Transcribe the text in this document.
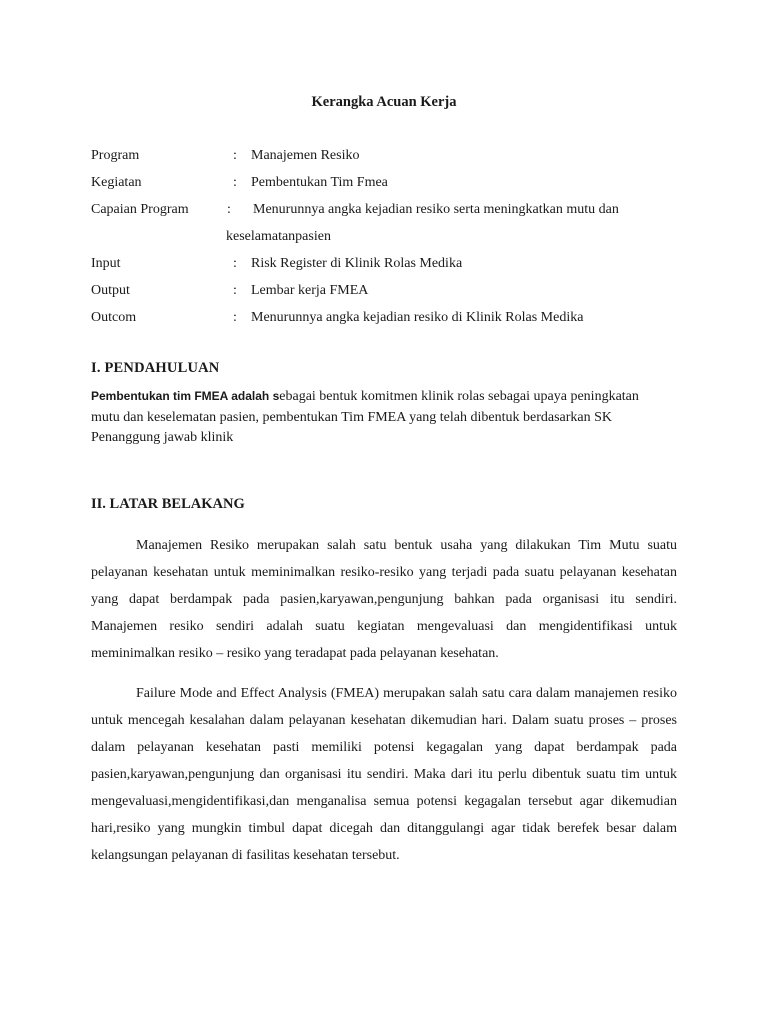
Kerangka Acuan Kerja
Program	: Manajemen Resiko
Kegiatan	: Pembentukan Tim Fmea
Capaian Program	: Menurunnya angka kejadian resiko serta meningkatkan mutu dan
keselamatanpasien
Input	: Risk Register di Klinik Rolas Medika
Output	: Lembar kerja FMEA
Outcom	: Menurunnya angka kejadian resiko di Klinik Rolas Medika
I. PENDAHULUAN
Pembentukan tim FMEA adalah sebagai bentuk komitmen klinik rolas sebagai upaya peningkatan mutu dan keselematan pasien, pembentukan Tim FMEA yang telah dibentuk berdasarkan SK Penanggung jawab klinik
II. LATAR BELAKANG
Manajemen Resiko merupakan salah satu bentuk usaha yang dilakukan Tim Mutu suatu pelayanan kesehatan untuk meminimalkan resiko-resiko yang terjadi pada suatu pelayanan kesehatan yang dapat berdampak pada pasien,karyawan,pengunjung bahkan pada organisasi itu sendiri. Manajemen resiko sendiri adalah suatu kegiatan mengevaluasi dan mengidentifikasi untuk meminimalkan resiko – resiko yang teradapat pada pelayanan kesehatan.
Failure Mode and Effect Analysis (FMEA) merupakan salah satu cara dalam manajemen resiko untuk mencegah kesalahan dalam pelayanan kesehatan dikemudian hari. Dalam suatu proses – proses dalam pelayanan kesehatan pasti memiliki potensi kegagalan yang dapat berdampak pada pasien,karyawan,pengunjung dan organisasi itu sendiri. Maka dari itu perlu dibentuk suatu tim untuk mengevaluasi,mengidentifikasi,dan menganalisa semua potensi kegagalan tersebut agar dikemudian hari,resiko yang mungkin timbul dapat dicegah dan ditanggulangi agar tidak berefek besar dalam kelangsungan pelayanan di fasilitas kesehatan tersebut.
